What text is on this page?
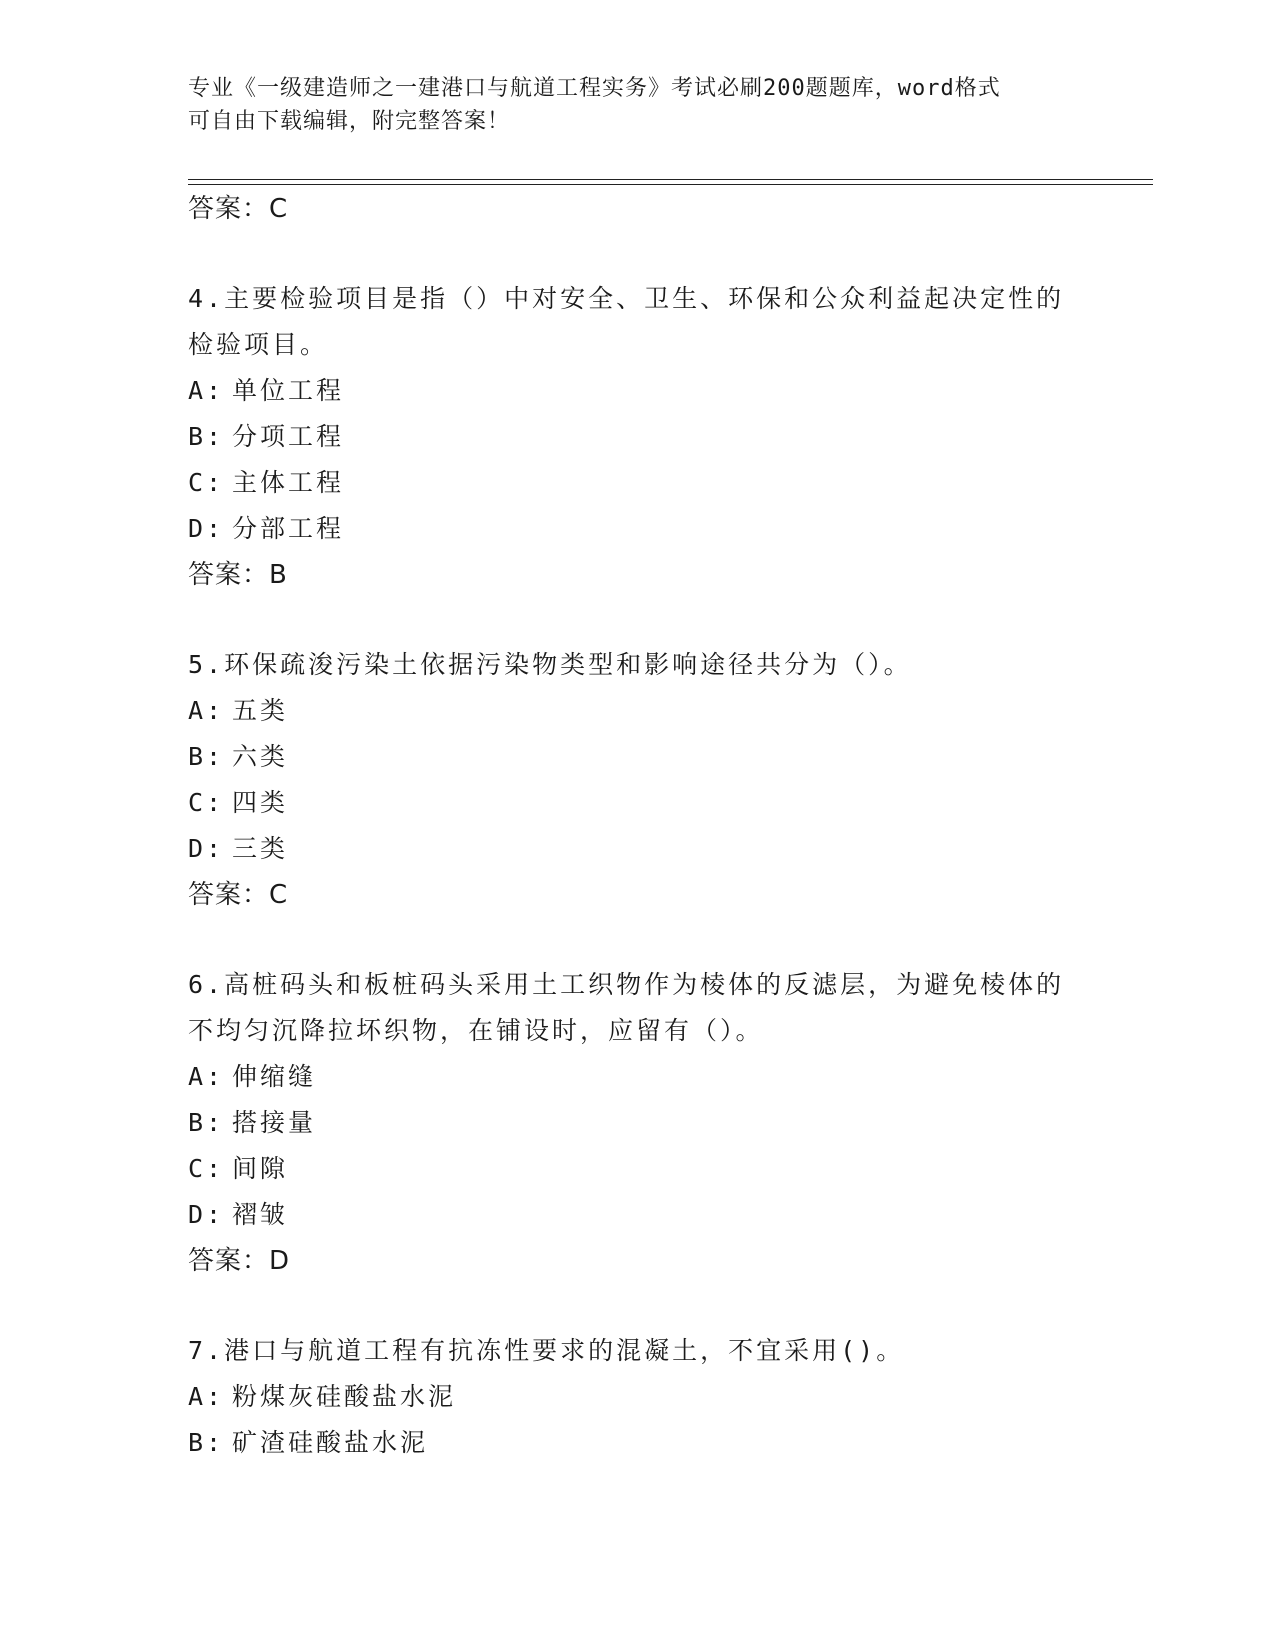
专业《一级建造师之一建港口与航道工程实务》考试必刷200题题库，word格式
可自由下载编辑，附完整答案！
答案：C

4.主要检验项目是指（）中对安全、卫生、环保和公众利益起决定性的检验项目。

A: 单位工程
B: 分项工程
C: 主体工程
D: 分部工程
答案：B

5.环保疏浚污染土依据污染物类型和影响途径共分为（）。

A: 五类
B: 六类
C: 四类
D: 三类
答案：C

6.高桩码头和板桩码头采用土工织物作为棱体的反滤层，为避免棱体的不均匀沉降拉坏织物，在铺设时，应留有（）。

A: 伸缩缝
B: 搭接量
C: 间隙
D: 褶皱
答案：D

7.港口与航道工程有抗冻性要求的混凝土，不宜采用()。

A: 粉煤灰硅酸盐水泥
B: 矿渣硅酸盐水泥
